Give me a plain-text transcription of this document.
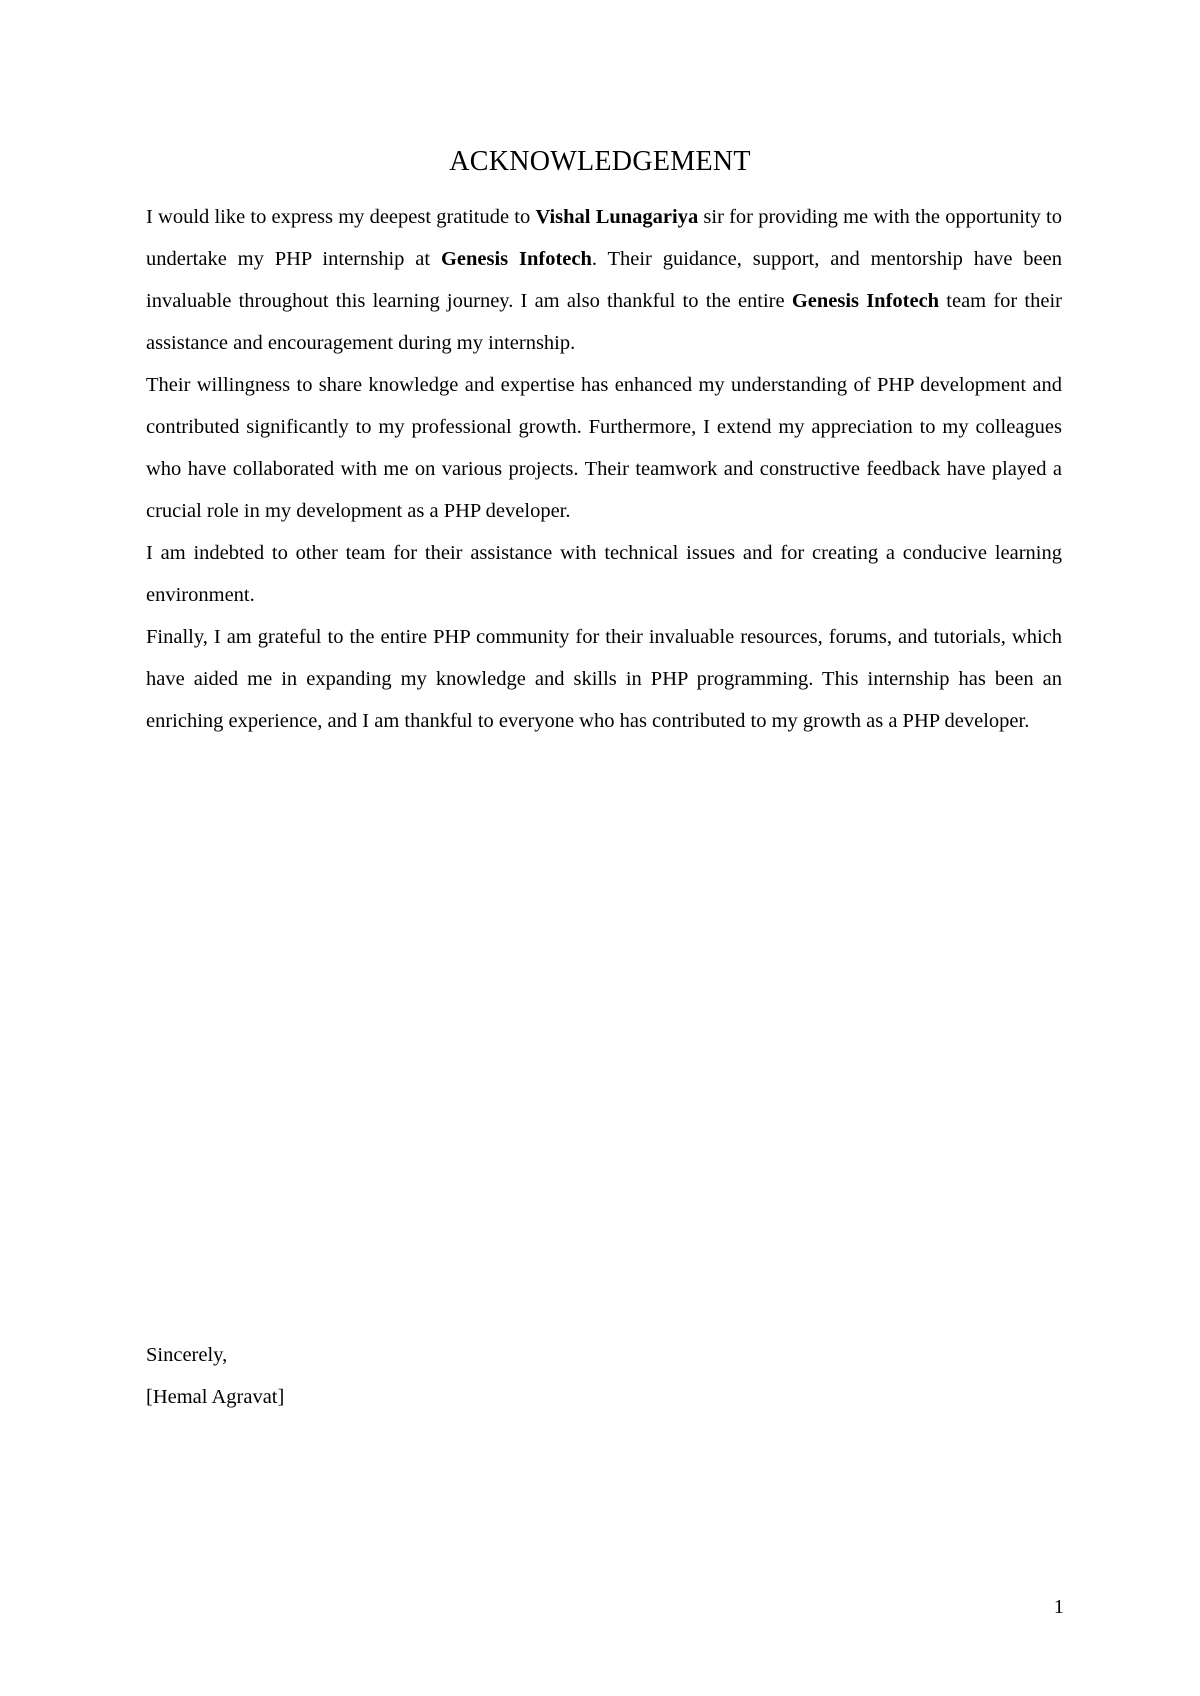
ACKNOWLEDGEMENT

I would like to express my deepest gratitude to Vishal Lunagariya sir for providing me with the opportunity to undertake my PHP internship at Genesis Infotech. Their guidance, support, and mentorship have been invaluable throughout this learning journey. I am also thankful to the entire Genesis Infotech team for their assistance and encouragement during my internship.

Their willingness to share knowledge and expertise has enhanced my understanding of PHP development and contributed significantly to my professional growth. Furthermore, I extend my appreciation to my colleagues who have collaborated with me on various projects. Their teamwork and constructive feedback have played a crucial role in my development as a PHP developer.

I am indebted to other team for their assistance with technical issues and for creating a conducive learning environment.

Finally, I am grateful to the entire PHP community for their invaluable resources, forums, and tutorials, which have aided me in expanding my knowledge and skills in PHP programming. This internship has been an enriching experience, and I am thankful to everyone who has contributed to my growth as a PHP developer.

Sincerely,
[Hemal Agravat]
1
